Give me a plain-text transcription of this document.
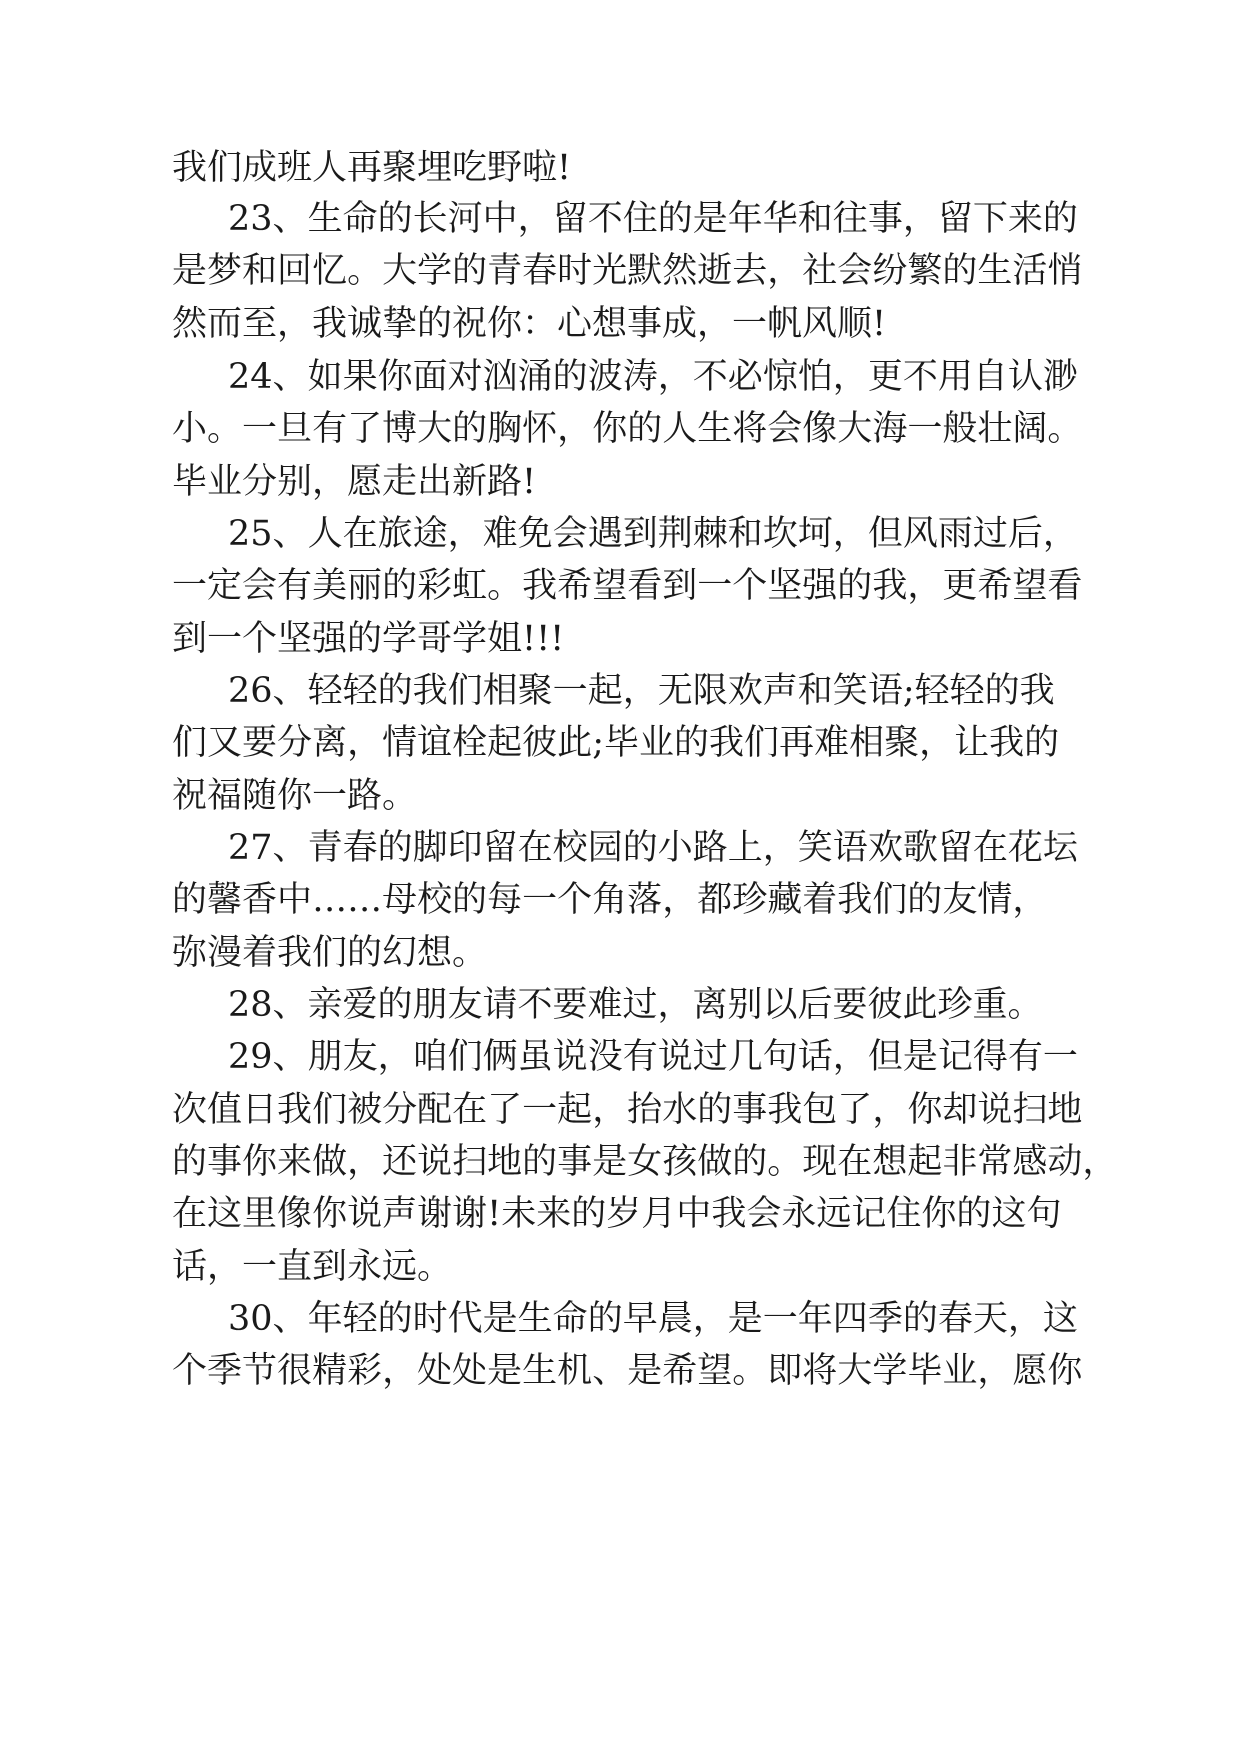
我们成班人再聚埋吃野啦!
23 、 生 命 的 长 河 中 ， 留 不 住 的 是 年 华 和 往 事 ， 留 下 来 的
是 梦 和 回 忆 。 大 学 的 青 春 时 光 默 然 逝 去 ， 社 会 纷 繁 的 生 活 悄
然而至，我诚挚的祝你：心想事成，一帆风顺!
24 、 如 果 你 面 对 汹 涌 的 波 涛 ， 不 必 惊 怕 ， 更 不 用 自 认 渺
小 。 一 旦 有 了 博 大 的 胸 怀 ， 你 的 人 生 将 会 像 大 海 一 般 壮 阔 。
毕业分别，愿走出新路!
25 、 人 在 旅 途 ， 难 免 会 遇 到 荆 棘 和 坎 坷 ， 但 风 雨 过 后 ，
一 定 会 有 美 丽 的 彩 虹 。 我 希 望 看 到 一 个 坚 强 的 我 ， 更 希 望 看
到一个坚强的学哥学姐!!!
26 、 轻 轻 的 我 们 相 聚 一 起 ， 无 限 欢 声 和 笑 语 ; 轻 轻 的 我
们 又 要 分 离 ， 情 谊 栓 起 彼 此 ; 毕 业 的 我 们 再 难 相 聚 ， 让 我 的
祝福随你一路。
27 、 青 春 的 脚 印 留 在 校 园 的 小 路 上 ， 笑 语 欢 歌 留 在 花 坛
的 馨 香 中 …… 母 校 的 每 一 个 角 落 ， 都 珍 藏 着 我 们 的 友 情 ，
弥漫着我们的幻想。
28、亲爱的朋友请不要难过，离别以后要彼此珍重。
29 、 朋 友 ， 咱 们 俩 虽 说 没 有 说 过 几 句 话 ， 但 是 记 得 有 一
次 值 日 我 们 被 分 配 在 了 一 起 ， 抬 水 的 事 我 包 了 ， 你 却 说 扫 地
的 事 你 来 做 ， 还 说 扫 地 的 事 是 女 孩 做 的 。 现 在 想 起 非 常 感 动 ，
在 这 里 像 你 说 声 谢 谢 ! 未 来 的 岁 月 中 我 会 永 远 记 住 你 的 这 句
话，一直到永远。
30 、 年 轻 的 时 代 是 生 命 的 早 晨 ， 是 一 年 四 季 的 春 天 ， 这
个 季 节 很 精 彩 ， 处 处 是 生 机 、 是 希 望 。 即 将 大 学 毕 业 ， 愿 你
